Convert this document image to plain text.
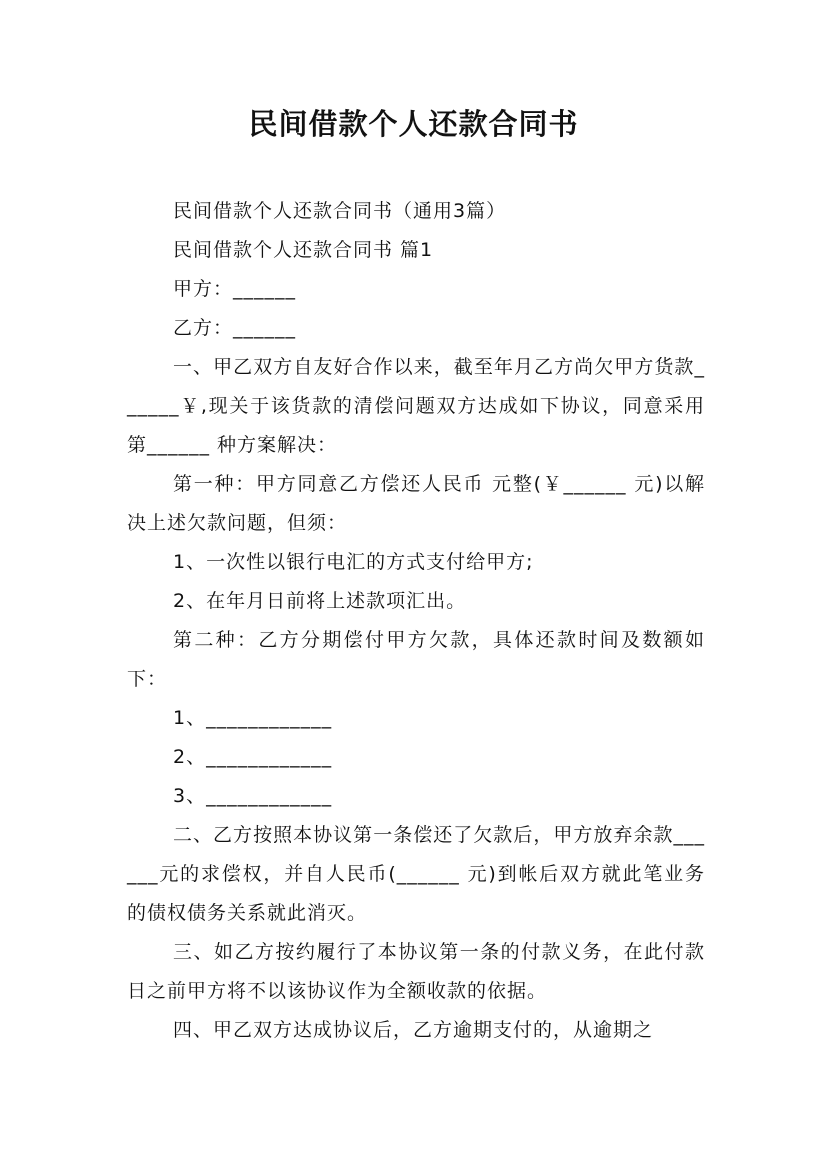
民间借款个人还款合同书

民间借款个人还款合同书（通用3篇）

民间借款个人还款合同书 篇1

甲方：______

乙方：______

一、甲乙双方自友好合作以来，截至年月乙方尚欠甲方货款______￥,现关于该货款的清偿问题双方达成如下协议，同意采用第______ 种方案解决：

第一种：甲方同意乙方偿还人民币 元整(￥______ 元)以解决上述欠款问题，但须：

1、一次性以银行电汇的方式支付给甲方;

2、在年月日前将上述款项汇出。

第二种：乙方分期偿付甲方欠款，具体还款时间及数额如下：

1、____________

2、____________

3、____________

二、乙方按照本协议第一条偿还了欠款后，甲方放弃余款______元的求偿权，并自人民币(______ 元)到帐后双方就此笔业务的债权债务关系就此消灭。

三、如乙方按约履行了本协议第一条的付款义务，在此付款日之前甲方将不以该协议作为全额收款的依据。

四、甲乙双方达成协议后，乙方逾期支付的，从逾期之
